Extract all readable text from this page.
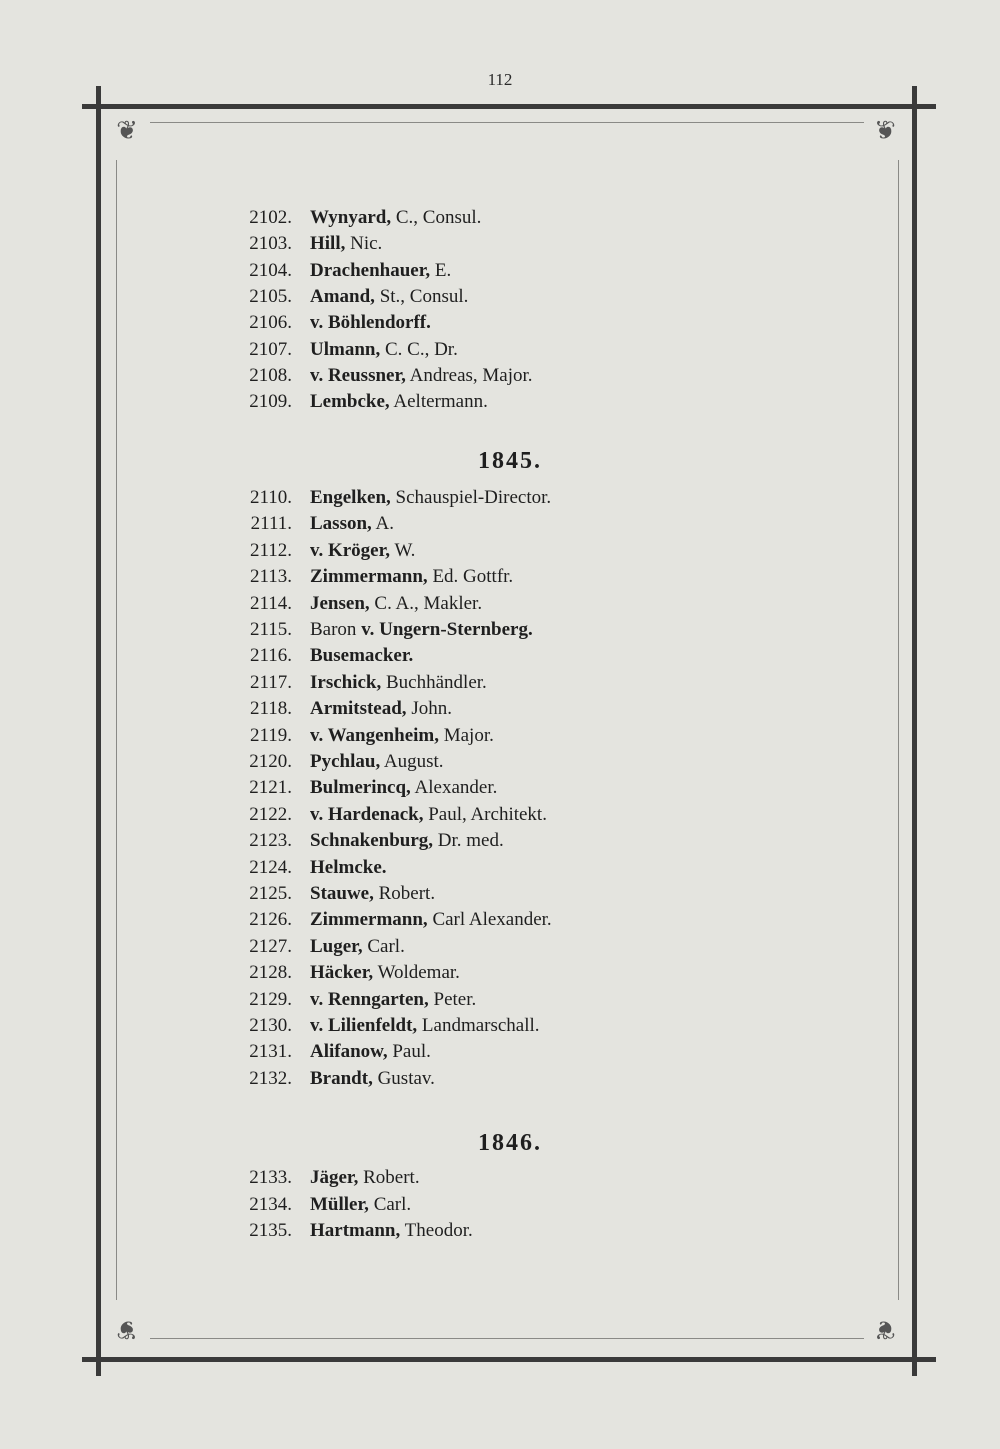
112
❦	❦
❦	❦
2102. Wynyard, C., Consul.
2103. Hill, Nic.
2104. Drachenhauer, E.
2105. Amand, St., Consul.
2106. v. Böhlendorff.
2107. Ulmann, C. C., Dr.
2108. v. Reussner, Andreas, Major.
2109. Lembcke, Aeltermann.
2110. Engelken, Schauspiel-Director.
2111. Lasson, A.
2112. v. Kröger, W.
2113. Zimmermann, Ed. Gottfr.
2114. Jensen, C. A., Makler.
2115. Baron v. Ungern-Sternberg.
2116. Busemacker.
2117. Irschick, Buchhändler.
2118. Armitstead, John.
2119. v. Wangenheim, Major.
2120. Pychlau, August.
2121. Bulmerincq, Alexander.
2122. v. Hardenack, Paul, Architekt.
2123. Schnakenburg, Dr. med.
2124. Helmcke.
2125. Stauwe, Robert.
2126. Zimmermann, Carl Alexander.
2127. Luger, Carl.
2128. Häcker, Woldemar.
2129. v. Renngarten, Peter.
2130. v. Lilienfeldt, Landmarschall.
2131. Alifanow, Paul.
2132. Brandt, Gustav.
2133. Jäger, Robert.
2134. Müller, Carl.
2135. Hartmann, Theodor.
1845.
1846.
